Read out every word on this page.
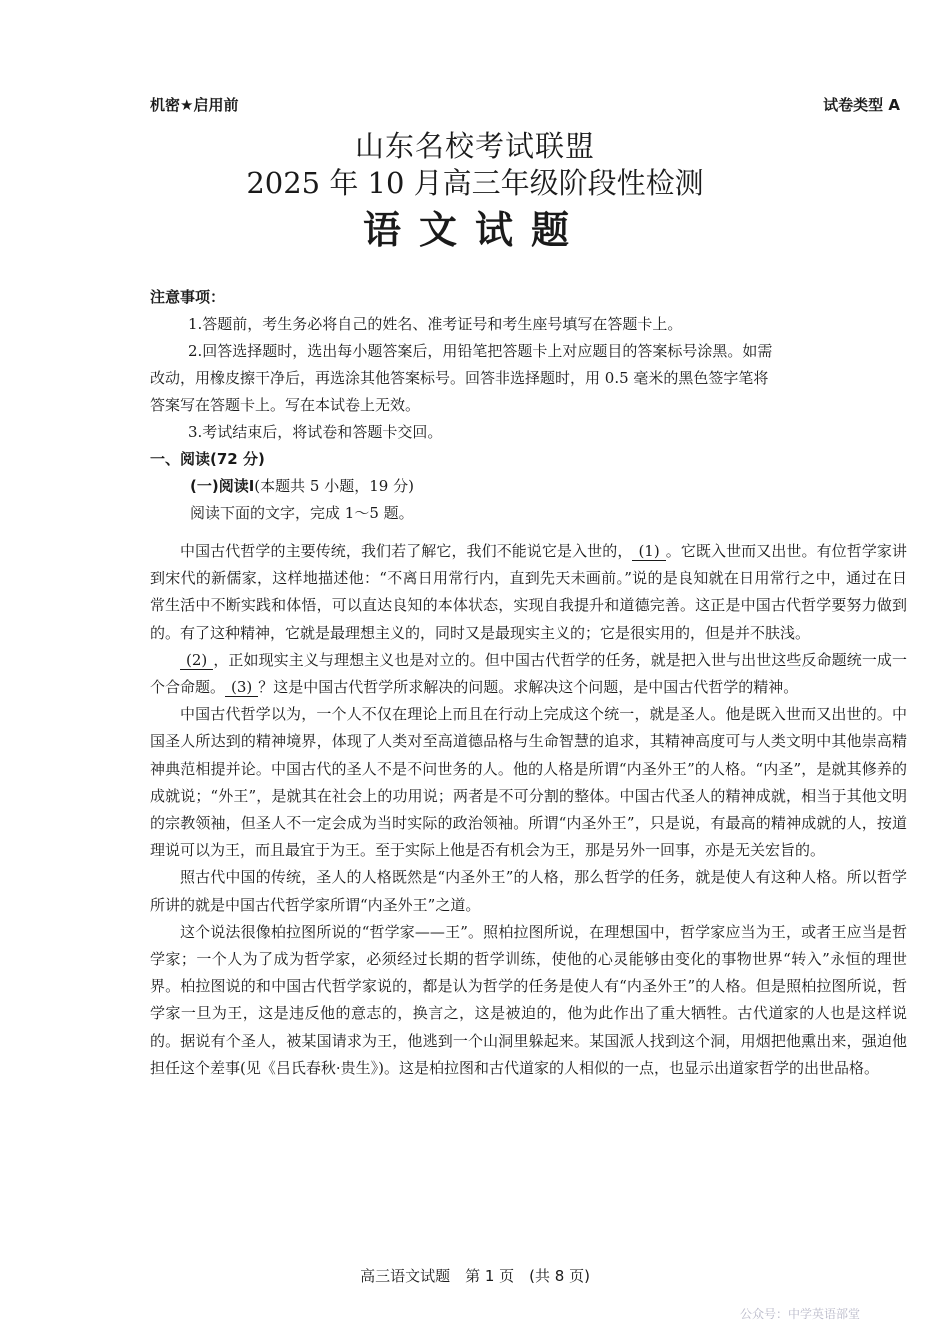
机密★启用前	试卷类型 A
山东名校考试联盟
2025 年 10 月高三年级阶段性检测
语文试题
注意事项：
1.答题前，考生务必将自己的姓名、准考证号和考生座号填写在答题卡上。
2.回答选择题时，选出每小题答案后，用铅笔把答题卡上对应题目的答案标号涂黑。如需
改动，用橡皮擦干净后，再选涂其他答案标号。回答非选择题时，用 0.5 毫米的黑色签字笔将
答案写在答题卡上。写在本试卷上无效。
3.考试结束后，将试卷和答题卡交回。
一、阅读(72 分)
(一)阅读Ⅰ(本题共 5 小题，19 分)
阅读下面的文字，完成 1～5 题。

中国古代哲学的主要传统，我们若了解它，我们不能说它是入世的， (1) 。它既入世而又出世。有位哲学家讲到宋代的新儒家，这样地描述他：“不离日用常行内，直到先天未画前。”说的是良知就在日用常行之中，通过在日常生活中不断实践和体悟，可以直达良知的本体状态，实现自我提升和道德完善。这正是中国古代哲学要努力做到的。有了这种精神，它就是最理想主义的，同时又是最现实主义的；它是很实用的，但是并不肤浅。

(2) ，正如现实主义与理想主义也是对立的。但中国古代哲学的任务，就是把入世与出世这些反命题统一成一个合命题。 (3) ？这是中国古代哲学所求解决的问题。求解决这个问题，是中国古代哲学的精神。

中国古代哲学以为，一个人不仅在理论上而且在行动上完成这个统一，就是圣人。他是既入世而又出世的。中国圣人所达到的精神境界，体现了人类对至高道德品格与生命智慧的追求，其精神高度可与人类文明中其他崇高精神典范相提并论。中国古代的圣人不是不问世务的人。他的人格是所谓“内圣外王”的人格。“内圣”，是就其修养的成就说；“外王”，是就其在社会上的功用说；两者是不可分割的整体。中国古代圣人的精神成就，相当于其他文明的宗教领袖，但圣人不一定会成为当时实际的政治领袖。所谓“内圣外王”，只是说，有最高的精神成就的人，按道理说可以为王，而且最宜于为王。至于实际上他是否有机会为王，那是另外一回事，亦是无关宏旨的。

照古代中国的传统，圣人的人格既然是“内圣外王”的人格，那么哲学的任务，就是使人有这种人格。所以哲学所讲的就是中国古代哲学家所谓“内圣外王”之道。

这个说法很像柏拉图所说的“哲学家——王”。照柏拉图所说，在理想国中，哲学家应当为王，或者王应当是哲学家；一个人为了成为哲学家，必须经过长期的哲学训练，使他的心灵能够由变化的事物世界“转入”永恒的理世界。柏拉图说的和中国古代哲学家说的，都是认为哲学的任务是使人有“内圣外王”的人格。但是照柏拉图所说，哲学家一旦为王，这是违反他的意志的，换言之，这是被迫的，他为此作出了重大牺牲。古代道家的人也是这样说的。据说有个圣人，被某国请求为王，他逃到一个山洞里躲起来。某国派人找到这个洞，用烟把他熏出来，强迫他担任这个差事(见《吕氏春秋·贵生》)。这是柏拉图和古代道家的人相似的一点，也显示出道家哲学的出世品格。

高三语文试题　第 1 页　(共 8 页)
公众号：中学英语部堂
